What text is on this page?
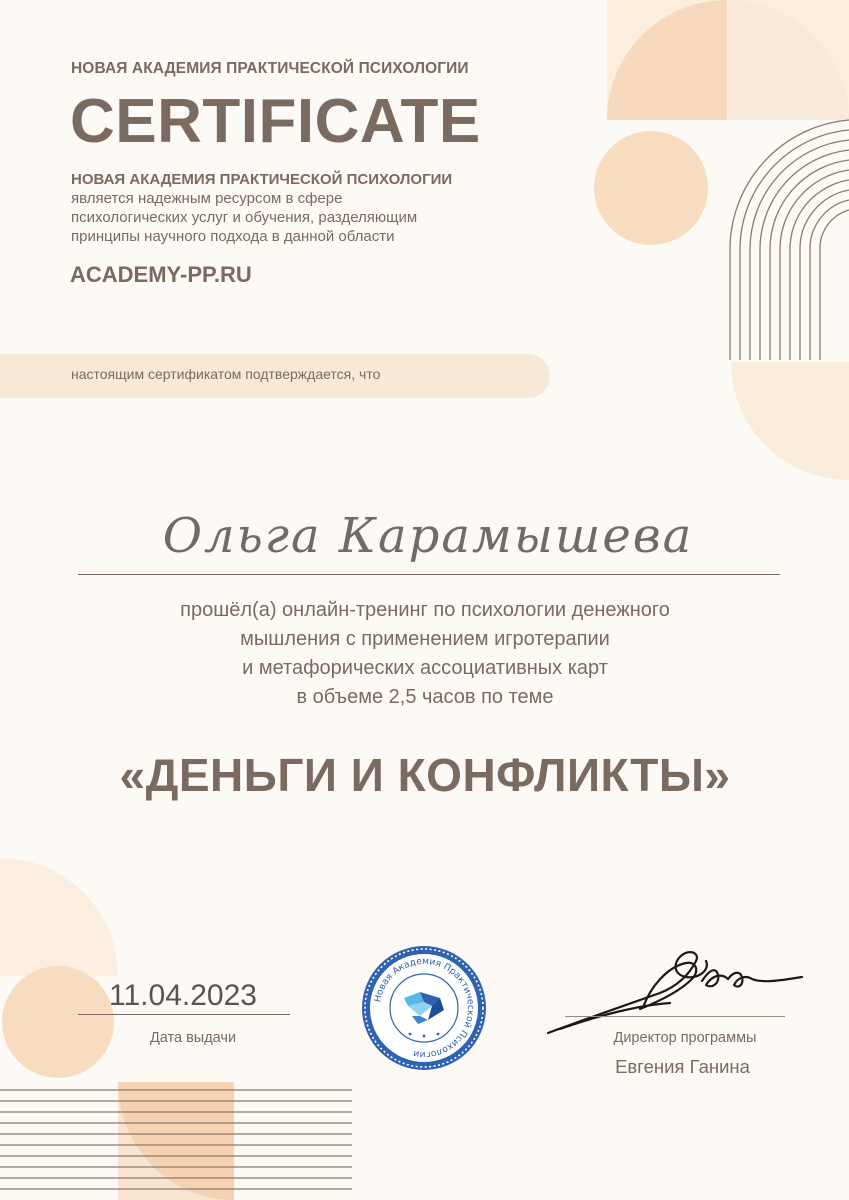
НОВАЯ АКАДЕМИЯ ПРАКТИЧЕСКОЙ ПСИХОЛОГИИ
CERTIFICATE
НОВАЯ АКАДЕМИЯ ПРАКТИЧЕСКОЙ ПСИХОЛОГИИ
является надежным ресурсом в сфере
психологических услуг и обучения, разделяющим
принципы научного подхода в данной области
ACADEMY-PP.RU
настоящим сертификатом подтверждается, что
Ольга Карамышева
прошёл(а) онлайн-тренинг по психологии денежного
мышления с применением игротерапии
и метафорических ассоциативных карт
в объеме 2,5 часов по теме
«ДЕНЬГИ И КОНФЛИКТЫ»
11.04.2023
Дата выдачи
Новая Академия Практической Психологии
Директор программы
Евгения Ганина
